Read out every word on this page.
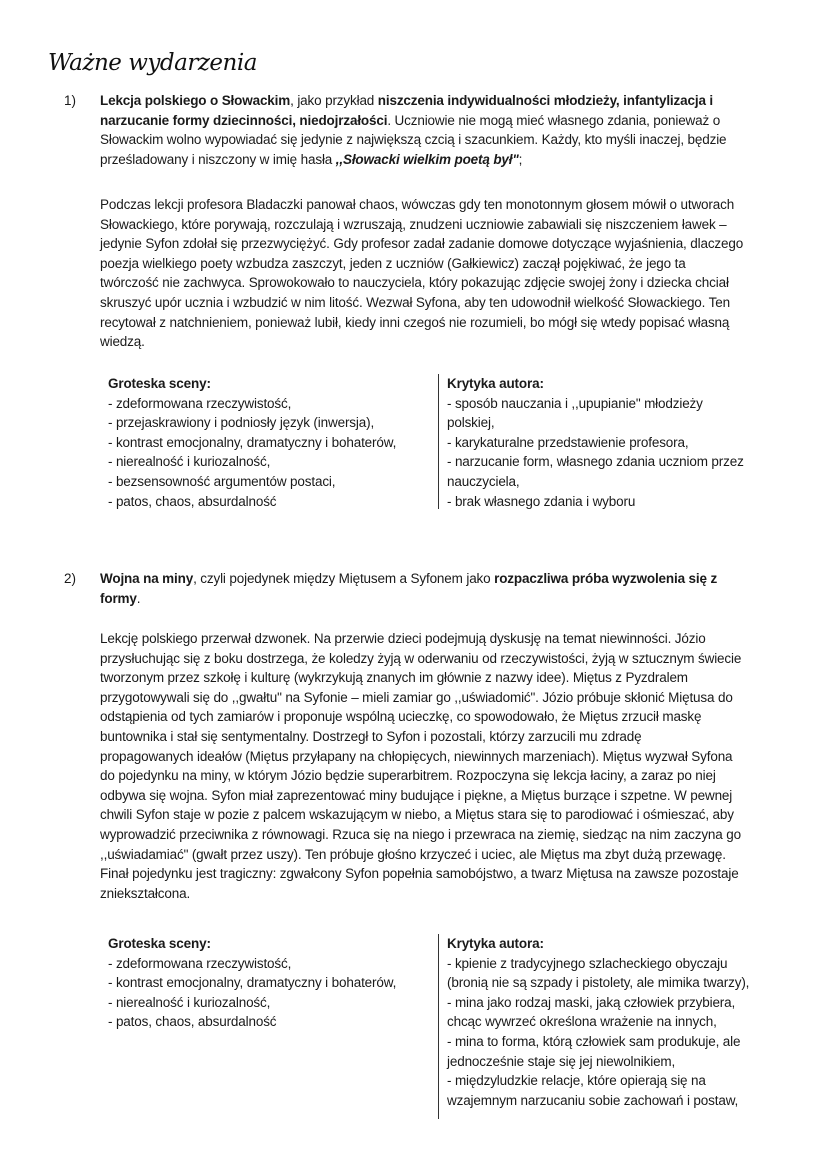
Ważne wydarzenia
1) Lekcja polskiego o Słowackim, jako przykład niszczenia indywidualności młodzieży, infantylizacja i
narzucanie formy dziecinności, niedojrzałości. Uczniowie nie mogą mieć własnego zdania, ponieważ o
Słowackim wolno wypowiadać się jedynie z największą czcią i szacunkiem. Każdy, kto myśli inaczej, będzie
prześladowany i niszczony w imię hasła ,,Słowacki wielkim poetą był";
Podczas lekcji profesora Bladaczki panował chaos, wówczas gdy ten monotonnym głosem mówił o utworach
Słowackiego, które porywają, rozczulają i wzruszają, znudzeni uczniowie zabawiali się niszczeniem ławek –
jedynie Syfon zdołał się przezwyciężyć. Gdy profesor zadał zadanie domowe dotyczące wyjaśnienia, dlaczego
poezja wielkiego poety wzbudza zaszczyt, jeden z uczniów (Gałkiewicz) zaczął pojękiwać, że jego ta
twórczość nie zachwyca. Sprowokowało to nauczyciela, który pokazując zdjęcie swojej żony i dziecka chciał
skruszyć upór ucznia i wzbudzić w nim litość. Wezwał Syfona, aby ten udowodnił wielkość Słowackiego. Ten
recytował z natchnieniem, ponieważ lubił, kiedy inni czegoś nie rozumieli, bo mógł się wtedy popisać własną
wiedzą.
Groteska sceny:
- zdeformowana rzeczywistość,
- przejaskrawiony i podniosły język (inwersja),
- kontrast emocjonalny, dramatyczny i bohaterów,
- nierealność i kuriozalność,
- bezsensowność argumentów postaci,
- patos, chaos, absurdalność
Krytyka autora:
- sposób nauczania i ,,upupianie" młodzieży
polskiej,
- karykaturalne przedstawienie profesora,
- narzucanie form, własnego zdania uczniom przez
nauczyciela,
- brak własnego zdania i wyboru
2) Wojna na miny, czyli pojedynek między Miętusem a Syfonem jako rozpaczliwa próba wyzwolenia się z
formy.
Lekcję polskiego przerwał dzwonek. Na przerwie dzieci podejmują dyskusję na temat niewinności. Józio
przysłuchując się z boku dostrzega, że koledzy żyją w oderwaniu od rzeczywistości, żyją w sztucznym świecie
tworzonym przez szkołę i kulturę (wykrzykują znanych im głównie z nazwy idee). Miętus z Pyzdralem
przygotowywali się do ,,gwałtu" na Syfonie – mieli zamiar go ,,uświadomić". Józio próbuje skłonić Miętusa do
odstąpienia od tych zamiarów i proponuje wspólną ucieczkę, co spowodowało, że Miętus zrzucił maskę
buntownika i stał się sentymentalny. Dostrzegł to Syfon i pozostali, którzy zarzucili mu zdradę
propagowanych ideałów (Miętus przyłapany na chłopięcych, niewinnych marzeniach). Miętus wyzwał Syfona
do pojedynku na miny, w którym Józio będzie superarbitrem. Rozpoczyna się lekcja łaciny, a zaraz po niej
odbywa się wojna. Syfon miał zaprezentować miny budujące i piękne, a Miętus burzące i szpetne. W pewnej
chwili Syfon staje w pozie z palcem wskazującym w niebo, a Miętus stara się to parodiować i ośmieszać, aby
wyprowadzić przeciwnika z równowagi. Rzuca się na niego i przewraca na ziemię, siedząc na nim zaczyna go
,,uświadamiać" (gwałt przez uszy). Ten próbuje głośno krzyczeć i uciec, ale Miętus ma zbyt dużą przewagę.
Finał pojedynku jest tragiczny: zgwałcony Syfon popełnia samobójstwo, a twarz Miętusa na zawsze pozostaje
zniekształcona.
Groteska sceny:
- zdeformowana rzeczywistość,
- kontrast emocjonalny, dramatyczny i bohaterów,
- nierealność i kuriozalność,
- patos, chaos, absurdalność
Krytyka autora:
- kpienie z tradycyjnego szlacheckiego obyczaju
(bronią nie są szpady i pistolety, ale mimika twarzy),
- mina jako rodzaj maski, jaką człowiek przybiera,
chcąc wywrzeć określona wrażenie na innych,
- mina to forma, którą człowiek sam produkuje, ale
jednocześnie staje się jej niewolnikiem,
- międzyludzkie relacje, które opierają się na
wzajemnym narzucaniu sobie zachowań i postaw,
